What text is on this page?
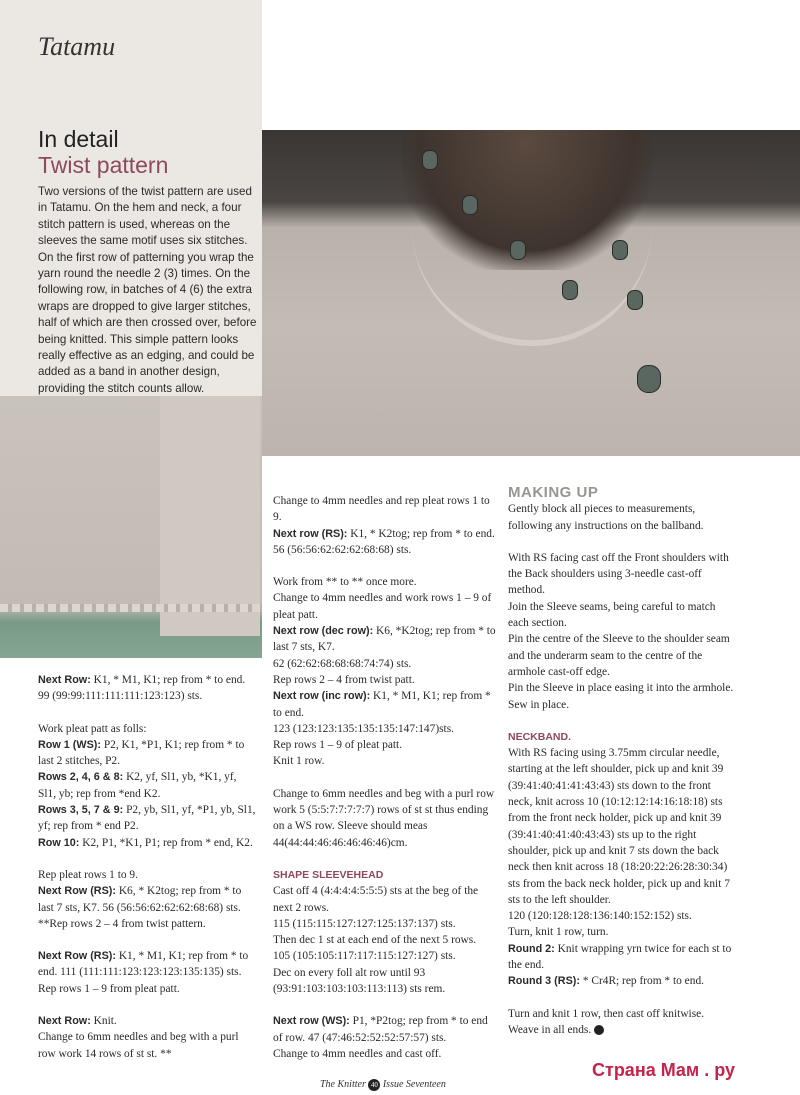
Tatamu
In detail
Twist pattern
Two versions of the twist pattern are used in Tatamu. On the hem and neck, a four stitch pattern is used, whereas on the sleeves the same motif uses six stitches. On the first row of patterning you wrap the yarn round the needle 2 (3) times. On the following row, in batches of 4 (6) the extra wraps are dropped to give larger stitches, half of which are then crossed over, before being knitted. This simple pattern looks really effective as an edging, and could be added as a band in another design, providing the stitch counts allow.

Next Row: K1, * M1, K1; rep from * to end.
99 (99:99:111:111:111:123:123) sts.

Work pleat patt as folls:
Row 1 (WS): P2, K1, *P1, K1; rep from * to last 2 stitches, P2.
Rows 2, 4, 6 & 8: K2, yf, Sl1, yb, *K1, yf, Sl1, yb; rep from *end K2.
Rows 3, 5, 7 & 9: P2, yb, Sl1, yf, *P1, yb, Sl1, yf; rep from * end P2.
Row 10: K2, P1, *K1, P1; rep from * end, K2.

Rep pleat rows 1 to 9.
Next Row (RS): K6, * K2tog; rep from * to last 7 sts, K7. 56 (56:56:62:62:62:68:68) sts.
**Rep rows 2 – 4 from twist pattern.

Next Row (RS): K1, * M1, K1; rep from * to end. 111 (111:111:123:123:123:135:135) sts.
Rep rows 1 – 9 from pleat patt.

Next Row: Knit.
Change to 6mm needles and beg with a purl row work 14 rows of st st. **

Change to 4mm needles and rep pleat rows 1 to 9.
Next row (RS): K1, * K2tog; rep from * to end.
56 (56:56:62:62:62:68:68) sts.

Work from ** to ** once more.
Change to 4mm needles and work rows 1 – 9 of pleat patt.
Next row (dec row): K6, *K2tog; rep from * to last 7 sts, K7.
62 (62:62:68:68:68:74:74) sts.
Rep rows 2 – 4 from twist patt.
Next row (inc row): K1, * M1, K1; rep from * to end.
123 (123:123:135:135:135:147:147)sts.
Rep rows 1 – 9 of pleat patt.
Knit 1 row.

Change to 6mm needles and beg with a purl row work 5 (5:5:7:7:7:7:7) rows of st st thus ending on a WS row. Sleeve should meas 44(44:44:46:46:46:46:46)cm.

SHAPE SLEEVEHEAD
Cast off 4 (4:4:4:4:5:5:5) sts at the beg of the next 2 rows.
115 (115:115:127:127:125:137:137) sts.
Then dec 1 st at each end of the next 5 rows.
105 (105:105:117:117:115:127:127) sts.
Dec on every foll alt row until 93 (93:91:103:103:103:113:113) sts rem.

Next row (WS): P1, *P2tog; rep from * to end of row. 47 (47:46:52:52:52:57:57) sts.
Change to 4mm needles and cast off.

MAKING UP

Gently block all pieces to measurements, following any instructions on the ballband.

With RS facing cast off the Front shoulders with the Back shoulders using 3-needle cast-off method.

Join the Sleeve seams, being careful to match each section.

Pin the centre of the Sleeve to the shoulder seam and the underarm seam to the centre of the armhole cast-off edge.

Pin the Sleeve in place easing it into the armhole. Sew in place.

NECKBAND.

With RS facing using 3.75mm circular needle, starting at the left shoulder, pick up and knit 39 (39:41:40:41:41:43:43) sts down to the front neck, knit across 10 (10:12:12:14:16:18:18) sts from the front neck holder, pick up and knit 39 (39:41:40:41:40:43:43) sts up to the right shoulder, pick up and knit 7 sts down the back neck then knit across 18 (18:20:22:26:28:30:34) sts from the back neck holder, pick up and knit 7 sts to the left shoulder.

120 (120:128:128:136:140:152:152) sts.

Turn, knit 1 row, turn.

Round 2: Knit wrapping yrn twice for each st to the end.

Round 3 (RS): * Cr4R; rep from * to end.

Turn and knit 1 row, then cast off knitwise. Weave in all ends.

The Knitter 40 Issue Seventeen
Страна Мам . ру
